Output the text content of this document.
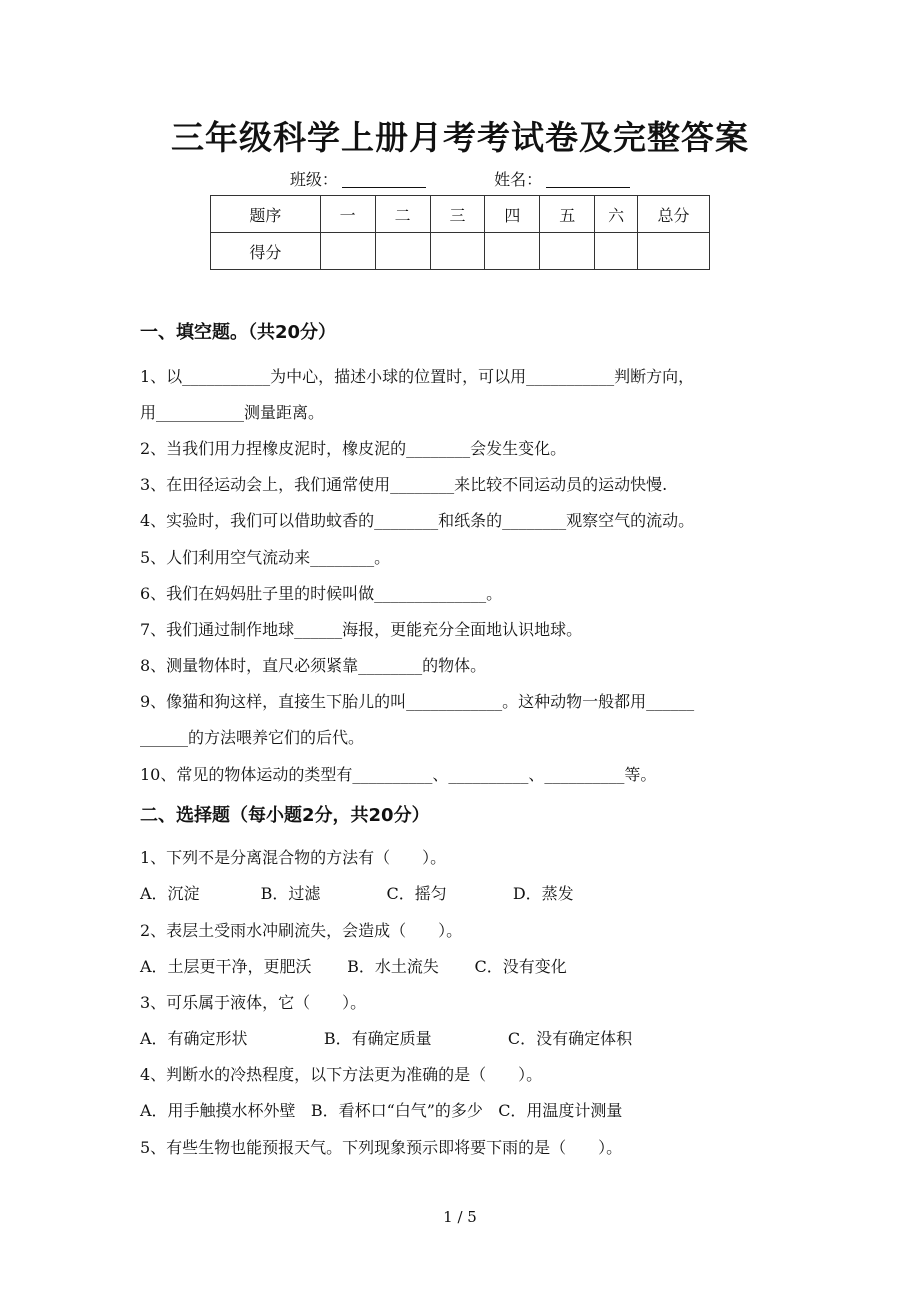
三年级科学上册月考考试卷及完整答案
班级：	姓名：
题序	一	二	三	四	五	六	总分
得分							
一、填空题。（共20分）
1、以___________为中心，描述小球的位置时，可以用___________判断方向，
用___________测量距离。
2、当我们用力捏橡皮泥时，橡皮泥的________会发生变化。
3、在田径运动会上，我们通常使用________来比较不同运动员的运动快慢.
4、实验时，我们可以借助蚊香的________和纸条的________观察空气的流动。
5、人们利用空气流动来________。
6、我们在妈妈肚子里的时候叫做______________。
7、我们通过制作地球______海报，更能充分全面地认识地球。
8、测量物体时，直尺必须紧靠________的物体。
9、像猫和狗这样，直接生下胎儿的叫____________。这种动物一般都用______
______的方法喂养它们的后代。
10、常见的物体运动的类型有__________、__________、__________等。
二、选择题（每小题2分，共20分）
1、下列不是分离混合物的方法有（　　）。
A．沉淀            B．过滤             C．摇匀             D．蒸发
2、表层土受雨水冲刷流失，会造成（　　）。
A．土层更干净，更肥沃       B．水土流失       C．没有变化
3、可乐属于液体，它（　　）。
A．有确定形状               B．有确定质量               C．没有确定体积
4、判断水的冷热程度，以下方法更为准确的是（　　）。
A．用手触摸水杯外壁   B．看杯口“白气”的多少   C．用温度计测量
5、有些生物也能预报天气。下列现象预示即将要下雨的是（　　）。
1 / 5
